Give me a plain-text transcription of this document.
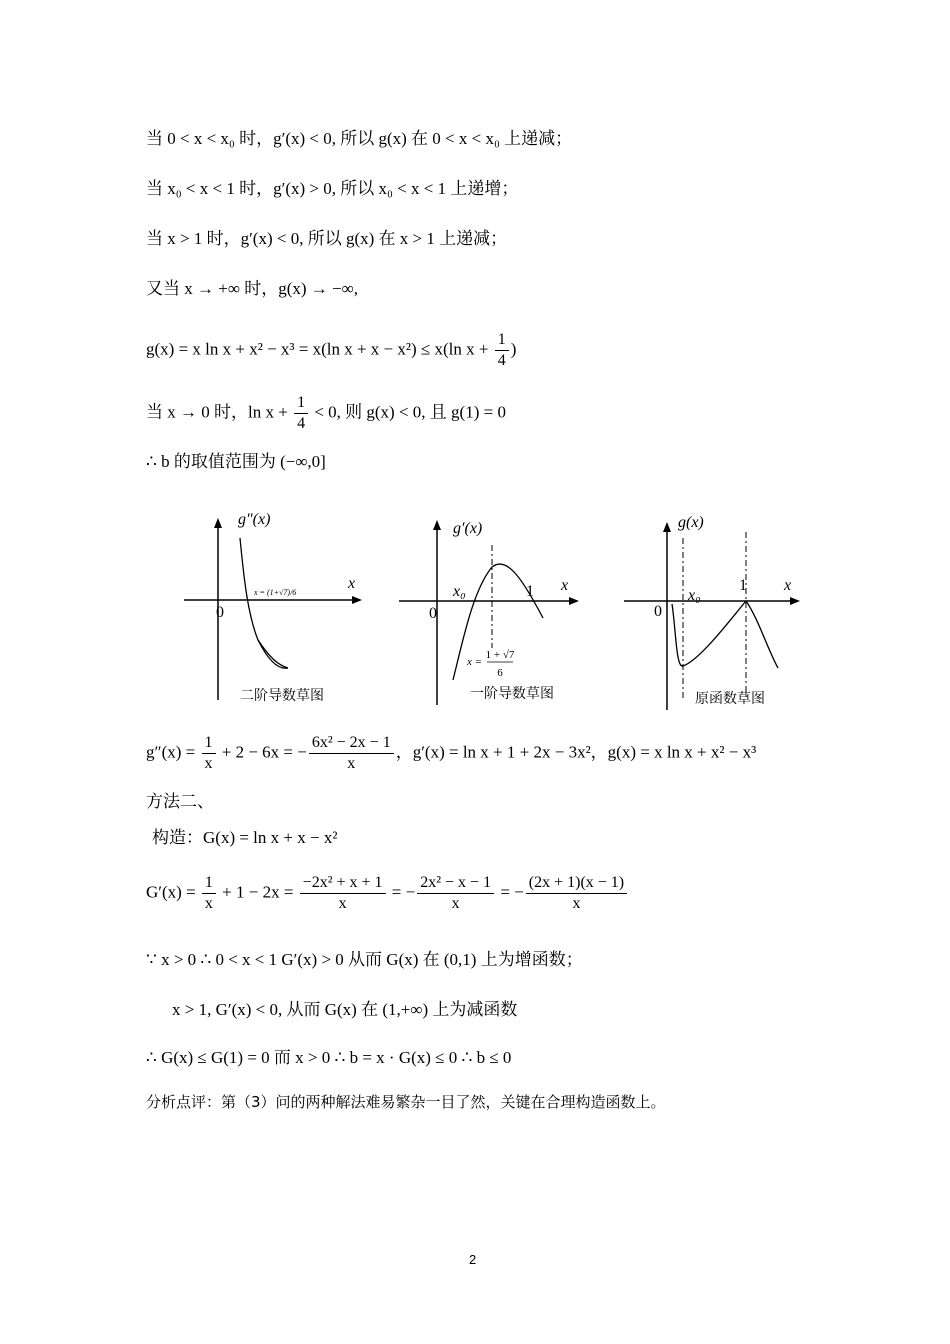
当 0 < x < x₀ 时，g′(x) < 0, 所以 g(x) 在 0 < x < x₀ 上递减；
当 x₀ < x < 1 时，g′(x) > 0, 所以 x₀ < x < 1 上递增；
当 x > 1 时，g′(x) < 0, 所以 g(x) 在 x > 1 上递减；
又当 x → +∞ 时，g(x) → −∞,
g(x) = x ln x + x² − x³ = x(ln x + x − x²) ≤ x(ln $x + \frac{1}{4}$ )
当 x → 0 时，$\ln x + \frac{1}{4} < 0$, 则 g(x) < 0, 且 g(1) = 0
∴ b 的取值范围为 (−∞,0]
g″(x)
x
0
x = (1+√7)/6
二阶导数草图
g′(x)
x
0
x₀	1
x =
1 + √7
6
一阶导数草图
g(x)
x
0
x₀
1
原函数草图
$g''(x) = \frac{1}{x} + 2 - 6x$ = − $\frac{\text{6x² − 2x − 1}}{x}$ ，g′(x) = ln x + 1 + 2x − 3x²，g(x) = x ln x + x² − x³
方法二、
构造：G(x) = ln x + x − x²
$G'(x) = \frac{1}{x} + 1 - 2x = \frac{\text{−2x² + x + 1}}{x}$ = − $\frac{\text{2x² − x − 1}}{x}$ = − $\frac{(2x + 1)(x - 1)}{x}$
∵ x > 0 ∴ 0 < x < 1 G′(x) > 0 从而 G(x) 在 (0,1) 上为增函数；
x > 1, G′(x) < 0, 从而 G(x) 在 (1,+∞) 上为减函数
∴ G(x) ≤ G(1) = 0 而 x > 0 ∴ b = x · G(x) ≤ 0 ∴ b ≤ 0
分析点评：第（3）问的两种解法难易繁杂一目了然，关键在合理构造函数上。
2
